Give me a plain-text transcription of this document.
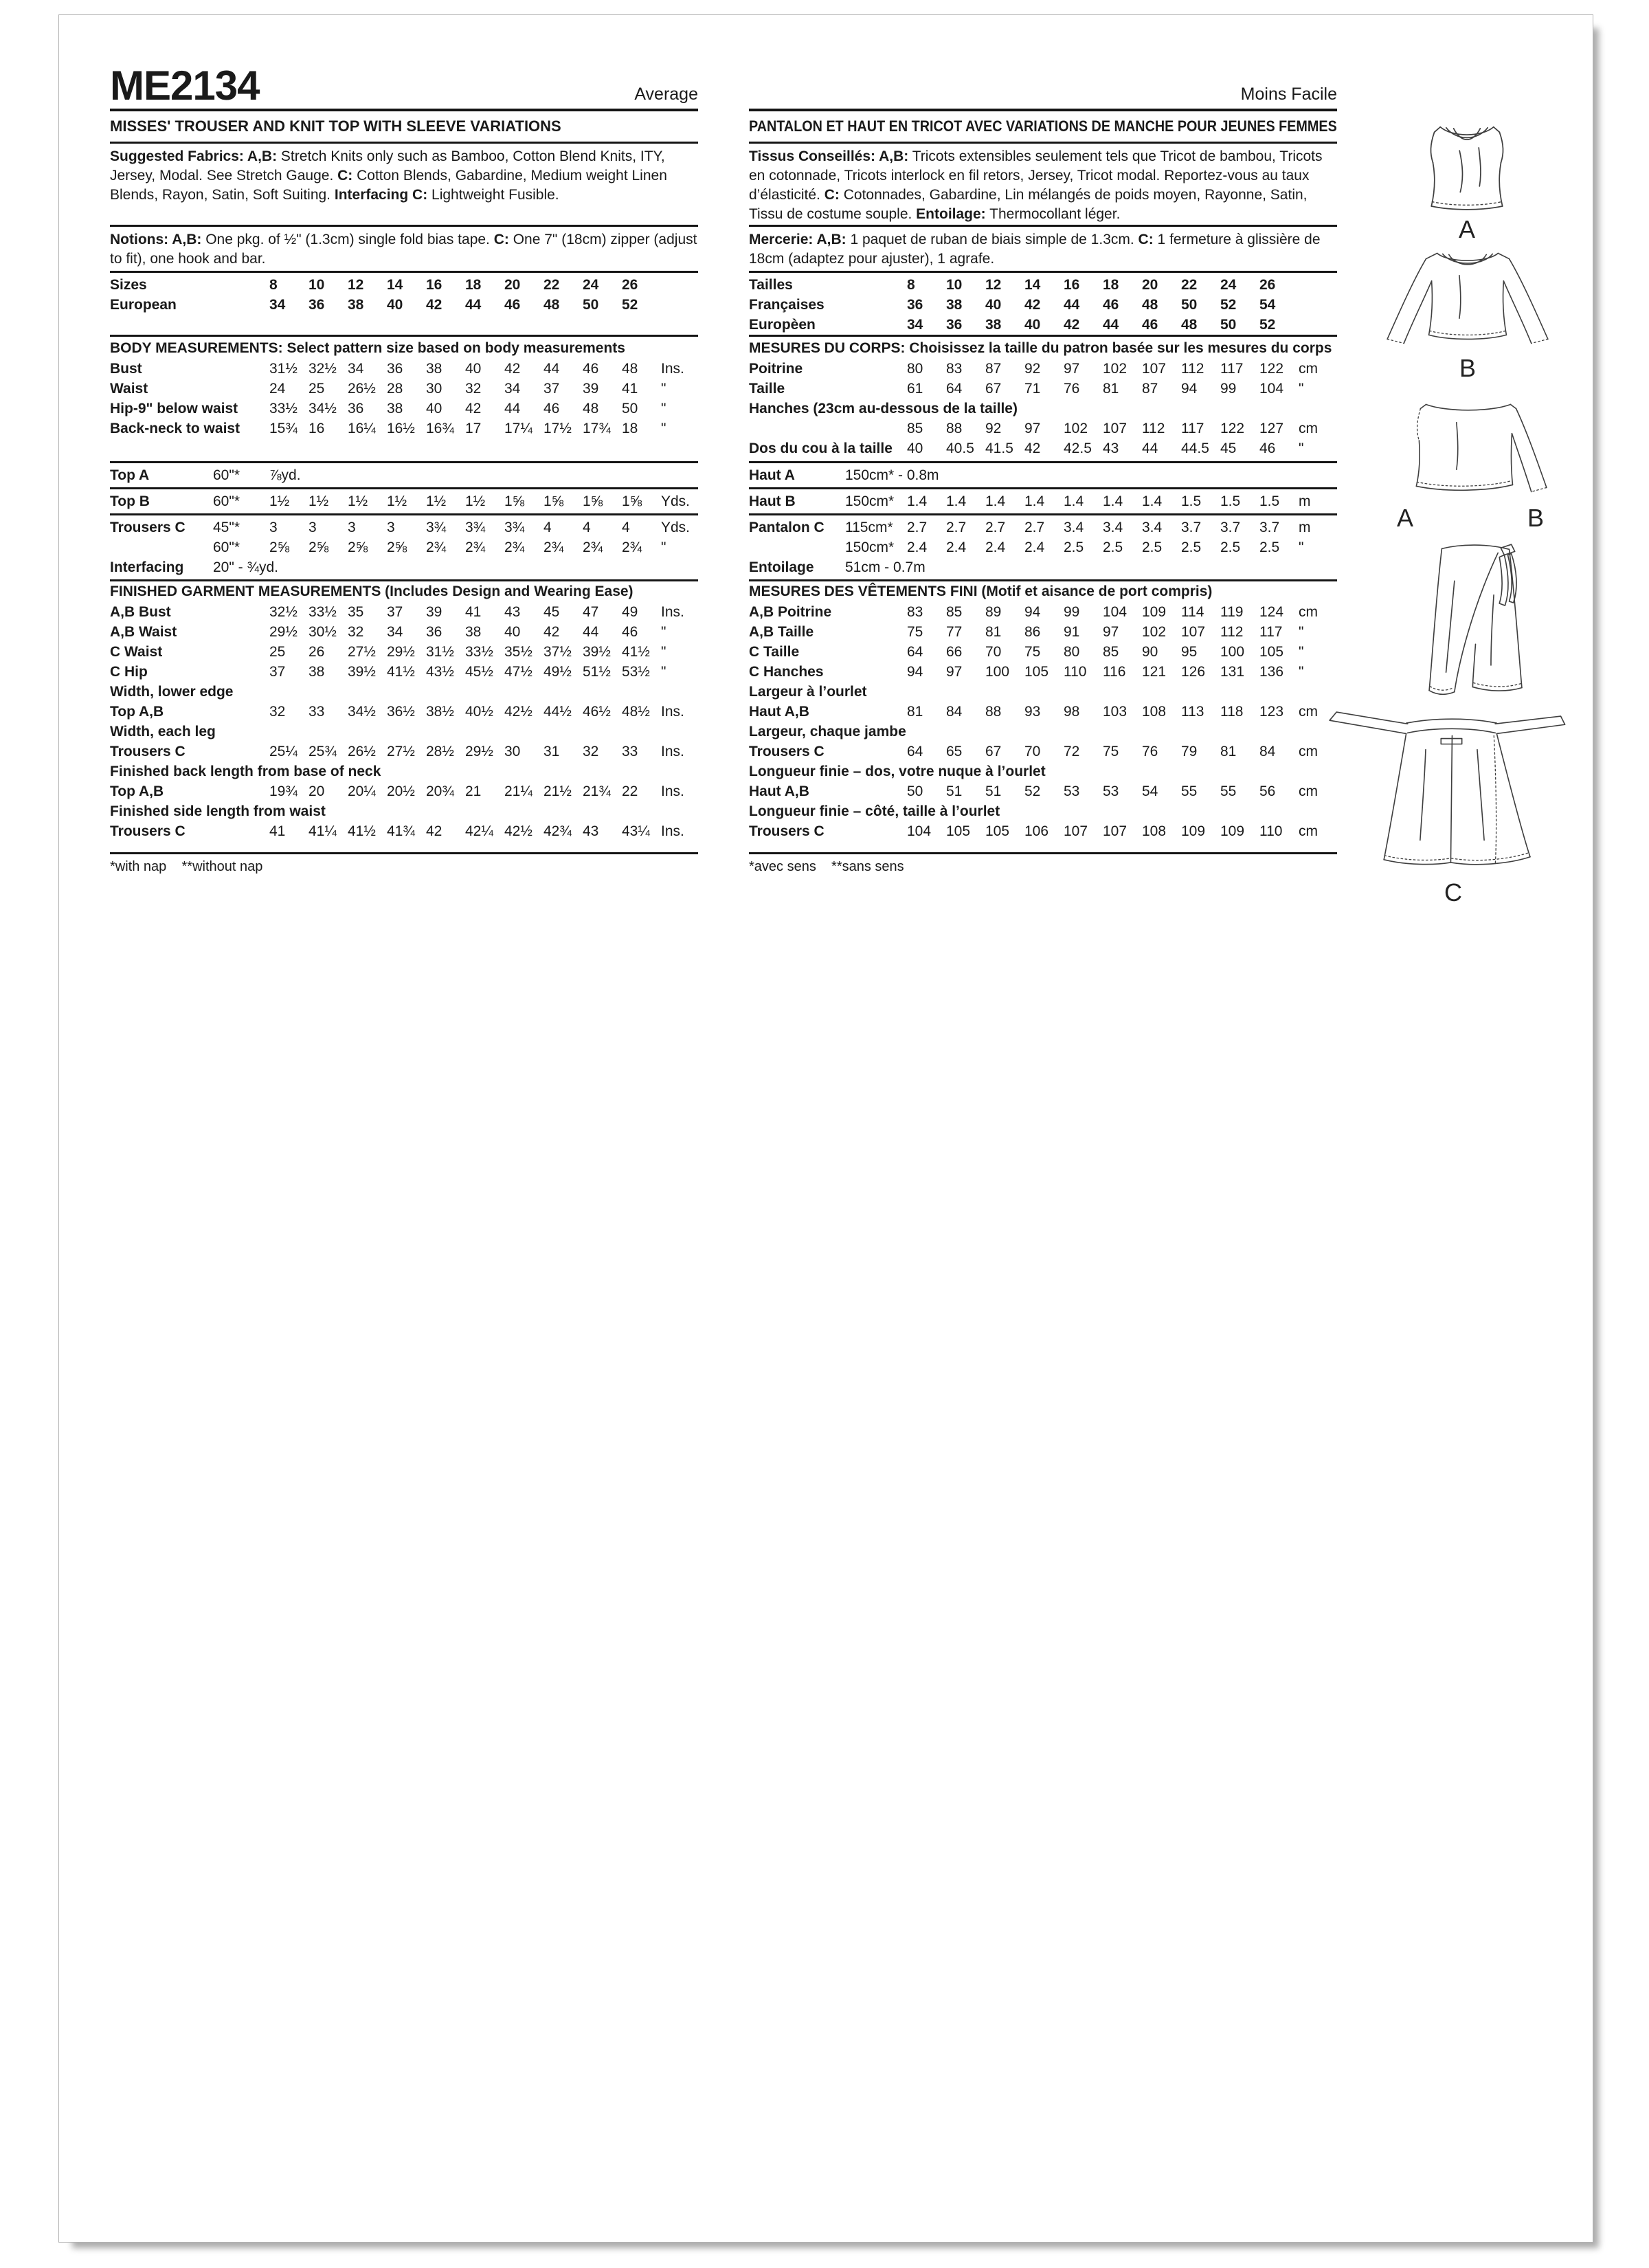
ME2134	Average
MISSES' TROUSER AND KNIT TOP WITH SLEEVE VARIATIONS

Suggested Fabrics: A,B: Stretch Knits only such as Bamboo, Cotton Blend Knits, ITY, Jersey, Modal. See Stretch Gauge. C: Cotton Blends, Gabardine, Medium weight Linen Blends, Rayon, Satin, Soft Suiting. Interfacing C: Lightweight Fusible.

Notions: A,B: One pkg. of ½" (1.3cm) single fold bias tape. C: One 7" (18cm) zipper (adjust to fit), one hook and bar.

Sizes	8	10	12	14	16	18	20	22	24	26
European	34	36	38	40	42	44	46	48	50	52
BODY MEASUREMENTS: Select pattern size based on body measurements
Bust	31½ 32½ 34	36	38	40	42	44	46	48	Ins.
Waist	24	25	26½ 28	30	32	34	37	39	41	"
Hip-9" below waist 33½ 34½ 36	38	40	42	44	46	48	50	"
Back-neck to waist 15¾ 16	16¼ 16½ 16¾ 17	17¼ 17½ 17¾ 18	"
Top A	60"*	⅞yd.
Top B	60"*	1½	1½	1½	1½	1½	1½	1⅝	1⅝	1⅝	1⅝	Yds.
Trousers C	45"*	3	3	3	3	3¾	3¾	3¾	4	4	4	Yds.
60"*	2⅝	2⅝	2⅝	2⅝	2¾	2¾	2¾	2¾	2¾	2¾	"
Interfacing	20" - ¾yd.
FINISHED GARMENT MEASUREMENTS (Includes Design and Wearing Ease)
A,B Bust	32½ 33½ 35	37	39	41	43	45	47	49	Ins.
A,B Waist	29½ 30½ 32	34	36	38	40	42	44	46	"
C Waist	25	26	27½ 29½ 31½ 33½ 35½ 37½ 39½ 41½ "
C Hip	37	38	39½ 41½ 43½ 45½ 47½ 49½ 51½ 53½ "
Width, lower edge
Top A,B	32	33	34½ 36½ 38½ 40½ 42½ 44½ 46½ 48½ Ins.
Width, each leg
Trousers C	25¼ 25¾ 26½ 27½ 28½ 29½ 30	31	32	33	Ins.
Finished back length from base of neck
Top A,B	19¾ 20	20¼ 20½ 20¾ 21	21¼ 21½ 21¾ 22	Ins.
Finished side length from waist
Trousers C	41	41¼ 41½ 41¾ 42	42¼ 42½ 42¾ 43	43¼ Ins.
*with nap    **without nap
Moins Facile
PANTALON ET HAUT EN TRICOT AVEC VARIATIONS DE MANCHE POUR JEUNES FEMMES

Tissus Conseillés: A,B: Tricots extensibles seulement tels que Tricot de bambou, Tricots en cotonnade, Tricots interlock en fil retors, Jersey, Tricot modal. Reportez-vous au taux d’élasticité. C: Cotonnades, Gabardine, Lin mélangés de poids moyen, Rayonne, Satin, Tissu de costume souple. Entoilage: Thermocollant léger.

Mercerie: A,B: 1 paquet de ruban de biais simple de 1.3cm. C: 1 fermeture à glissière de 18cm (adaptez pour ajuster), 1 agrafe.

Tailles	8	10	12	14	16	18	20	22	24	26
Françaises	36	38	40	42	44	46	48	50	52	54
Europèen	34	36	38	40	42	44	46	48	50	52
MESURES DU CORPS: Choisissez la taille du patron basée sur les mesures du corps
Poitrine	80	83	87	92	97	102	107	112	117	122	cm
Taille	61	64	67	71	76	81	87	94	99	104	"
Hanches (23cm au-dessous de la taille)
85	88	92	97	102	107	112	117	122	127	cm
Dos du cou à la taille 40	40.5 41.5 42	42.5 43	44	44.5 45	46	"
Haut A	150cm* - 0.8m
Haut B	150cm* 1.4	1.4	1.4	1.4	1.4	1.4	1.4	1.5	1.5	1.5	m
Pantalon C	115cm* 2.7	2.7	2.7	2.7	3.4	3.4	3.4	3.7	3.7	3.7	m
150cm* 2.4	2.4	2.4	2.4	2.5	2.5	2.5	2.5	2.5	2.5	"
Entoilage	51cm - 0.7m
MESURES DES VÊTEMENTS FINI (Motif et aisance de port compris)
A,B Poitrine	83	85	89	94	99	104	109	114	119	124	cm
A,B Taille	75	77	81	86	91	97	102	107	112	117	"
C Taille	64	66	70	75	80	85	90	95	100	105	"
C Hanches	94	97	100	105	110	116	121	126	131	136	"
Largeur à l’ourlet
Haut A,B	81	84	88	93	98	103	108	113	118	123	cm
Largeur, chaque jambe
Trousers C	64	65	67	70	72	75	76	79	81	84	cm
Longueur finie – dos, votre nuque à l’ourlet
Haut A,B	50	51	51	52	53	53	54	55	55	56	cm
Longueur finie – côté, taille à l’ourlet
Trousers C	104	105	105	106	107	107	108	109	109	110	cm
*avec sens    **sans sens
A
B
A	B
C
